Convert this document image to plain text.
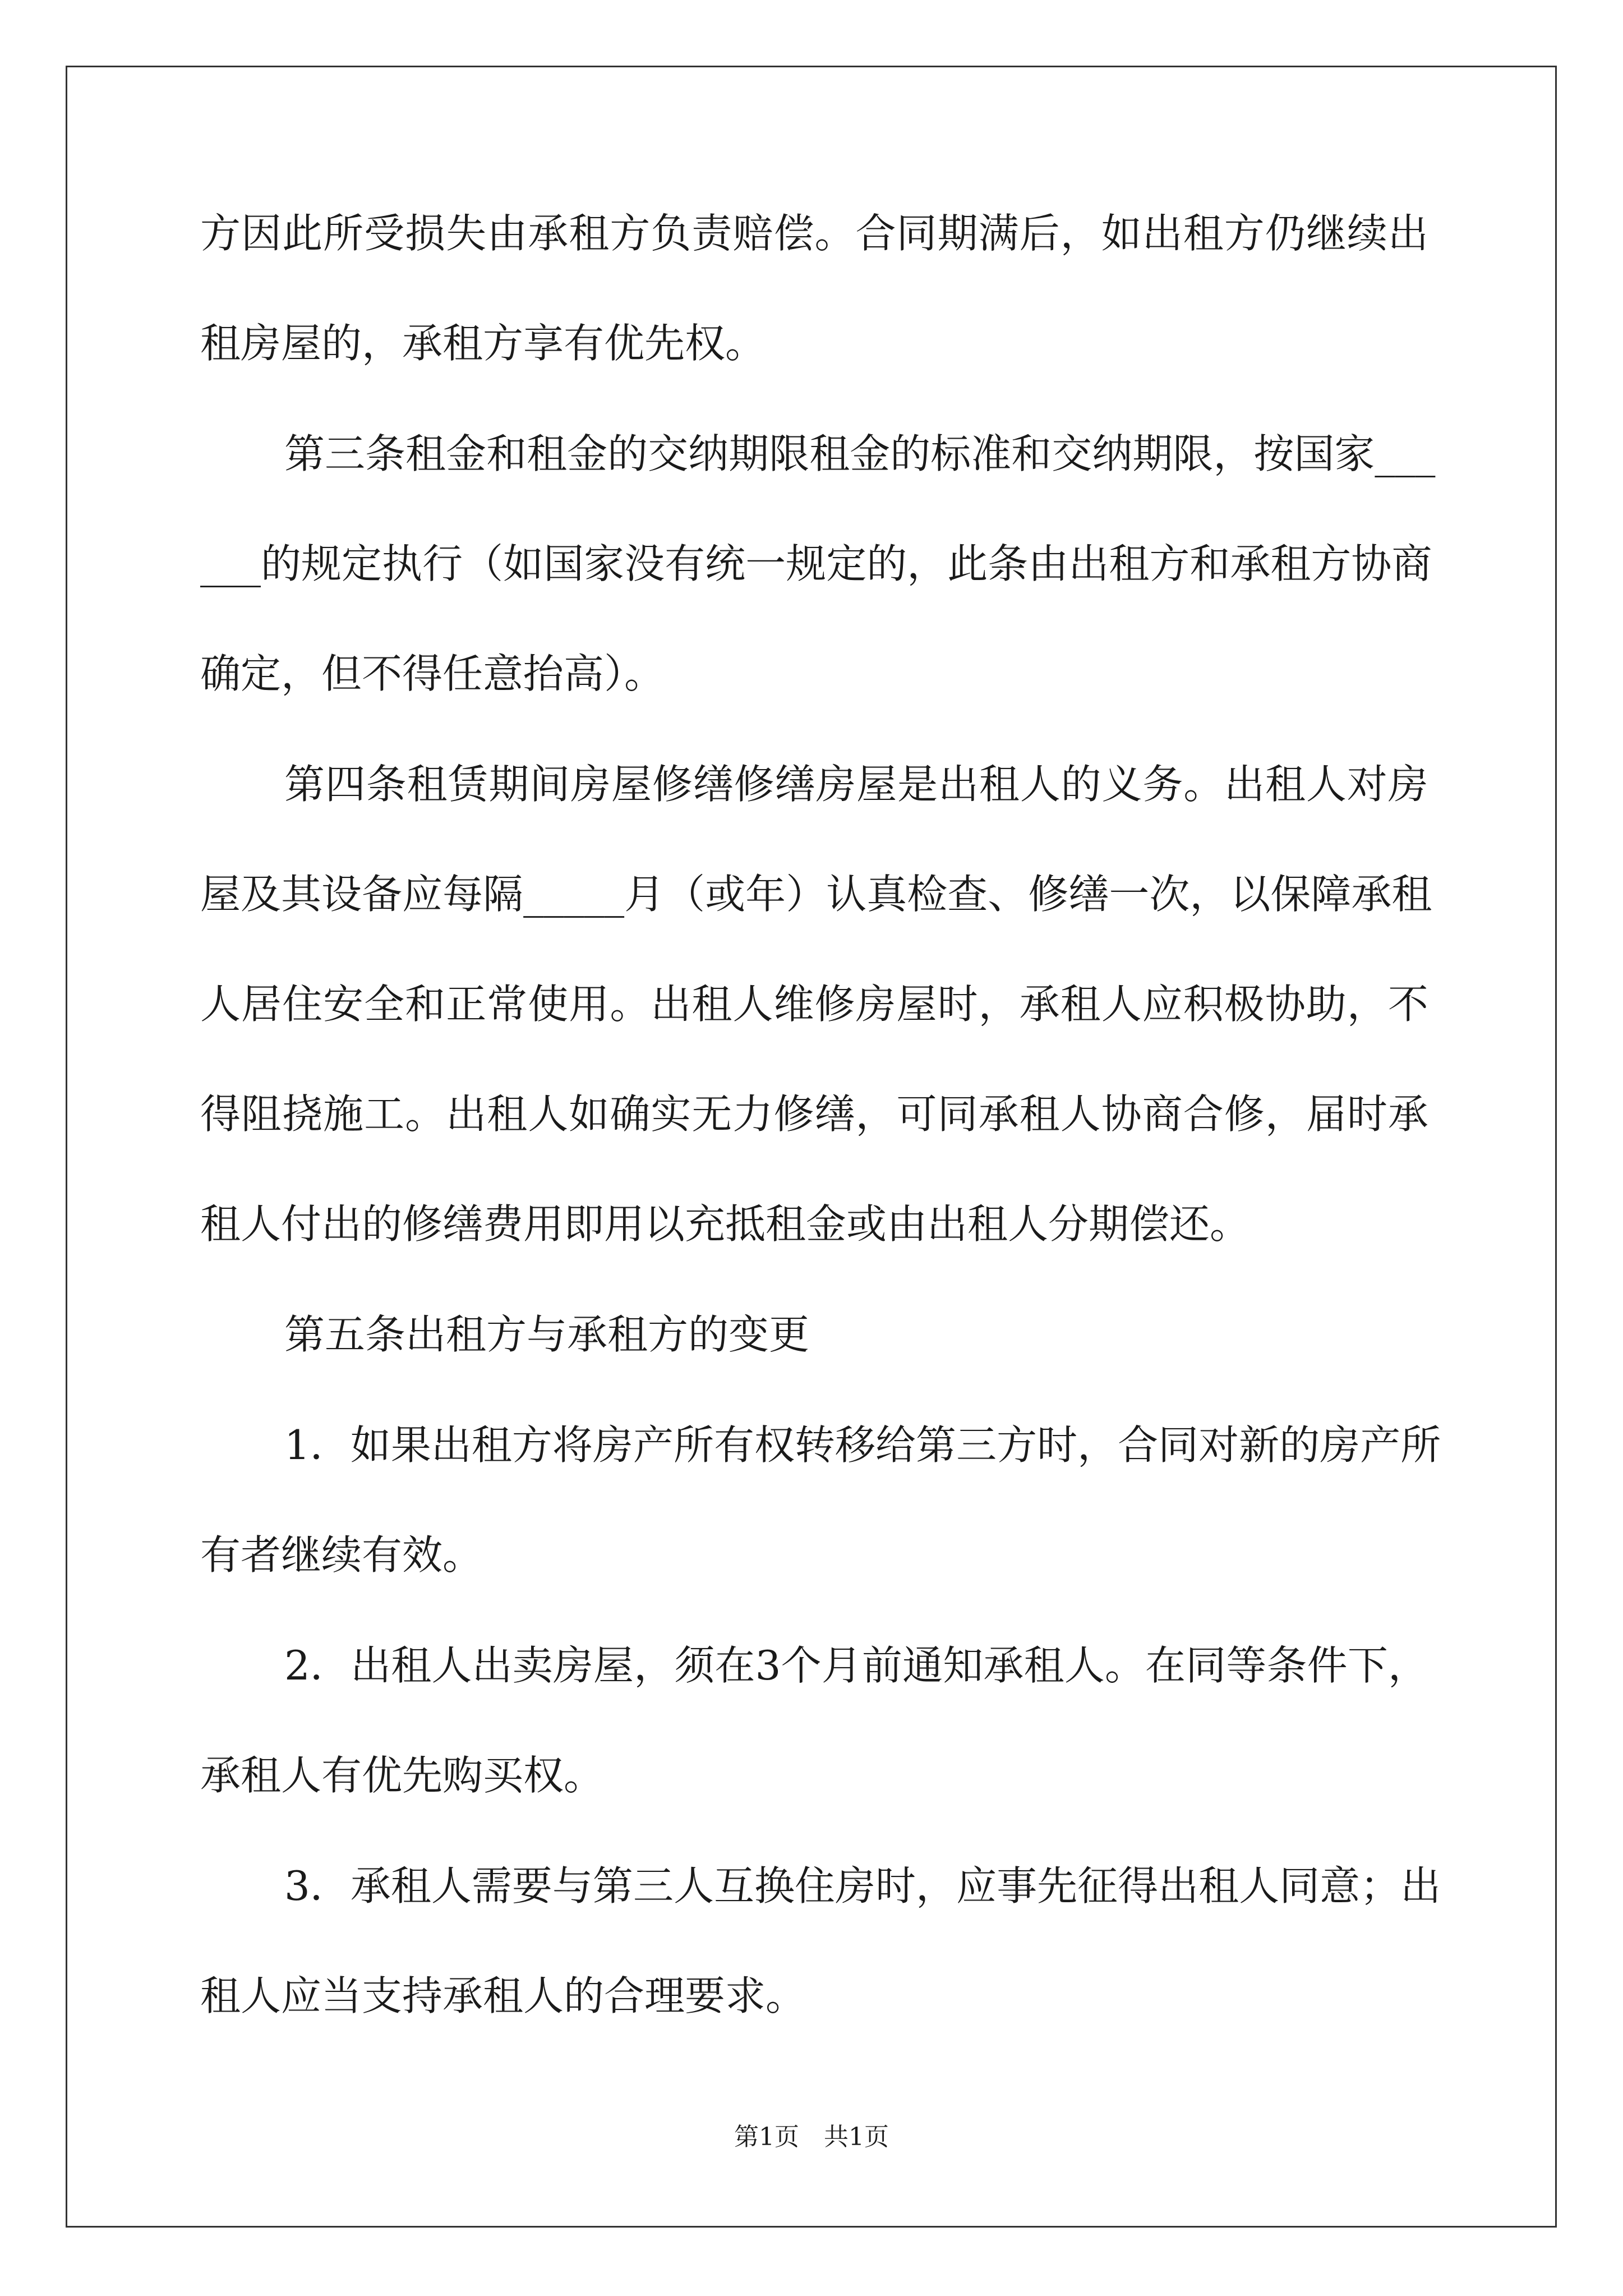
方 因 此 所 受 损 失 由 承 租 方 负 责 赔 偿 。 合 同 期 满 后 ， 如 出 租 方 仍 继 续 出
租房屋的，承租方享有优先权。
第 三 条 租 金 和 租 金 的 交 纳 期 限 租 金 的 标 准 和 交 纳 期 限 ， 按 国 家 _ _ _
_ _ _ 的 规 定 执 行 （ 如 国 家 没 有 统 一 规 定 的 ， 此 条 由 出 租 方 和 承 租 方 协 商
确定，但不得任意抬高）。
第 四 条 租 赁 期 间 房 屋 修 缮 修 缮 房 屋 是 出 租 人 的 义 务 。 出 租 人 对 房
屋 及 其 设 备 应 每 隔 _ _ _ _ _ 月 （ 或 年 ） 认 真 检 查 、 修 缮 一 次 ， 以 保 障 承 租
人 居 住 安 全 和 正 常 使 用 。 出 租 人 维 修 房 屋 时 ， 承 租 人 应 积 极 协 助 ， 不
得 阻 挠 施 工 。 出 租 人 如 确 实 无 力 修 缮 ， 可 同 承 租 人 协 商 合 修 ， 届 时 承
租人付出的修缮费用即用以充抵租金或由出租人分期偿还。
第五条出租方与承租方的变更
1 ． 如 果 出 租 方 将 房 产 所 有 权 转 移 给 第 三 方 时 ， 合 同 对 新 的 房 产 所
有者继续有效。
2 ． 出 租 人 出 卖 房 屋 ， 须 在 3 个 月 前 通 知 承 租 人 。 在 同 等 条 件 下 ，
承租人有优先购买权。
3 ． 承 租 人 需 要 与 第 三 人 互 换 住 房 时 ， 应 事 先 征 得 出 租 人 同 意 ； 出
租人应当支持承租人的合理要求。
第1页　共1页
